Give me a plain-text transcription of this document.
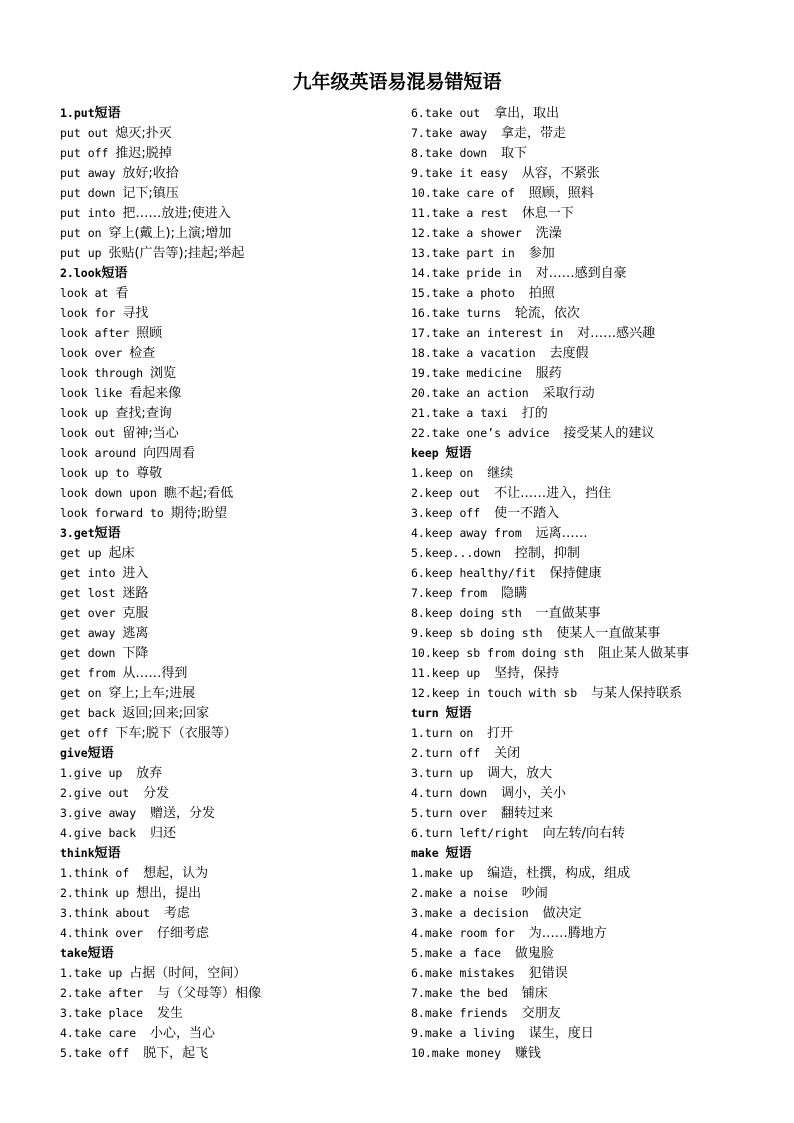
九年级英语易混易错短语
1.put短语
put out 熄灭;扑灭
put off 推迟;脱掉
put away 放好;收拾
put down 记下;镇压
put into 把……放进;使进入
put on 穿上(戴上);上演;增加
put up 张贴(广告等);挂起;举起
2.look短语
look at 看
look for 寻找
look after 照顾
look over 检查
look through 浏览
look like 看起来像
look up 查找;查询
look out 留神;当心
look around 向四周看
look up to 尊敬
look down upon 瞧不起;看低
look forward to 期待;盼望
3.get短语
get up 起床
get into 进入
get lost 迷路
get over 克服
get away 逃离
get down 下降
get from 从……得到
get on 穿上;上车;进展
get back 返回;回来;回家
get off 下车;脱下（衣服等）
give短语
1.give up  放弃
2.give out  分发
3.give away  赠送，分发
4.give back  归还
think短语
1.think of  想起，认为
2.think up 想出，提出
3.think about  考虑
4.think over  仔细考虑
take短语
1.take up 占据（时间，空间）
2.take after  与（父母等）相像
3.take place  发生
4.take care  小心，当心
5.take off  脱下，起飞
6.take out  拿出，取出
7.take away  拿走，带走
8.take down  取下
9.take it easy  从容，不紧张
10.take care of  照顾，照料
11.take a rest  休息一下
12.take a shower  洗澡
13.take part in  参加
14.take pride in  对……感到自豪
15.take a photo  拍照
16.take turns  轮流，依次
17.take an interest in  对……感兴趣
18.take a vacation  去度假
19.take medicine  服药
20.take an action  采取行动
21.take a taxi  打的
22.take one’s advice  接受某人的建议
keep 短语
1.keep on  继续
2.keep out  不让……进入，挡住
3.keep off  使一不踏入
4.keep away from  远离……
5.keep...down  控制，抑制
6.keep healthy/fit  保持健康
7.keep from  隐瞒
8.keep doing sth  一直做某事
9.keep sb doing sth  使某人一直做某事
10.keep sb from doing sth  阻止某人做某事
11.keep up  坚持，保持
12.keep in touch with sb  与某人保持联系
turn 短语
1.turn on  打开
2.turn off  关闭
3.turn up  调大，放大
4.turn down  调小，关小
5.turn over  翻转过来
6.turn left/right  向左转/向右转
make 短语
1.make up  编造，杜撰，构成，组成
2.make a noise  吵闹
3.make a decision  做决定
4.make room for  为……腾地方
5.make a face  做鬼脸
6.make mistakes  犯错误
7.make the bed  铺床
8.make friends  交朋友
9.make a living  谋生，度日
10.make money  赚钱
